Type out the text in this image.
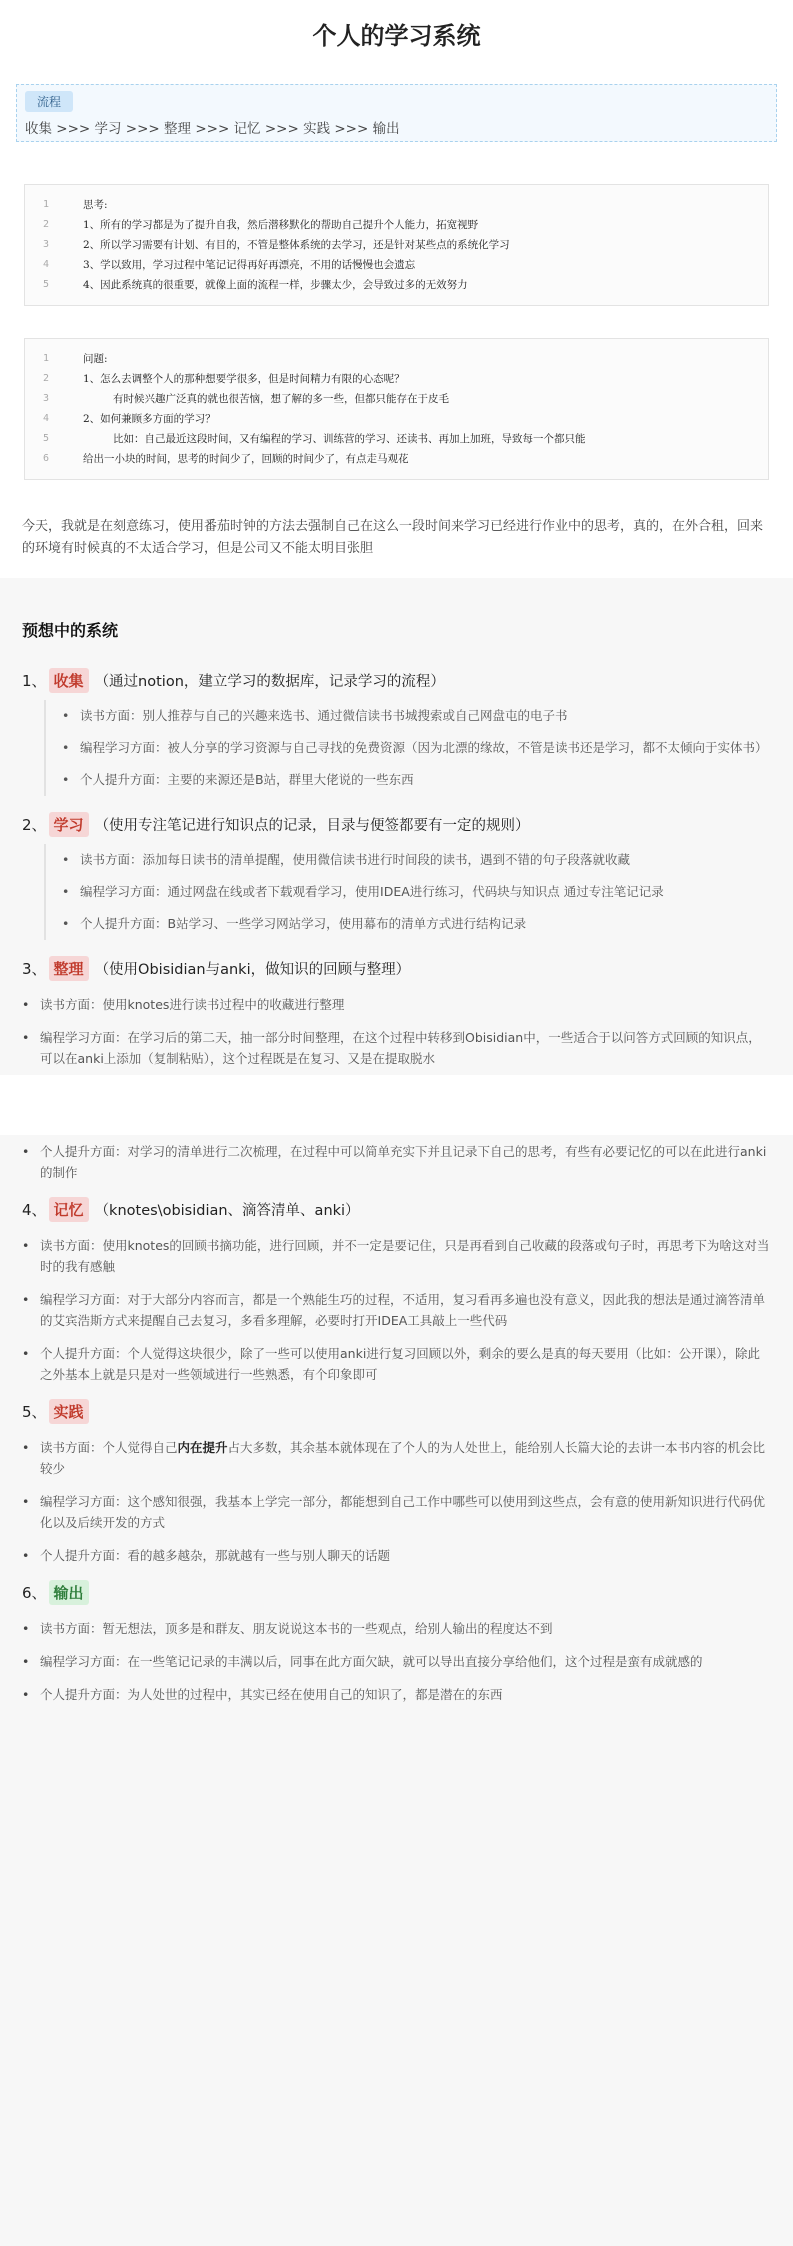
个人的学习系统
流程
收集 >>> 学习 >>> 整理 >>> 记忆 >>> 实践 >>> 输出
1	思考:
2	1、所有的学习都是为了提升自我，然后潜移默化的帮助自己提升个人能力，拓宽视野
3	2、所以学习需要有计划、有目的，不管是整体系统的去学习，还是针对某些点的系统化学习
4	3、学以致用，学习过程中笔记记得再好再漂亮，不用的话慢慢也会遗忘
5	4、因此系统真的很重要，就像上面的流程一样，步骤太少，会导致过多的无效努力
1	问题:
2	1、怎么去调整个人的那种想要学很多，但是时间精力有限的心态呢？
3	有时候兴趣广泛真的就也很苦恼，想了解的多一些，但都只能存在于皮毛
4	2、如何兼顾多方面的学习？
5	比如：自己最近这段时间，又有编程的学习、训练营的学习、还读书、再加上加班，导致每一个都只能
6	给出一小块的时间，思考的时间少了，回顾的时间少了，有点走马观花

今天，我就是在刻意练习，使用番茄时钟的方法去强制自己在这么一段时间来学习已经进行作业中的思考，真的，在外合租，回来的环境有时候真的不太适合学习，但是公司又不能太明目张胆

预想中的系统
1、 收集 （通过notion，建立学习的数据库，记录学习的流程）
• 读书方面：别人推荐与自己的兴趣来选书、通过微信读书书城搜索或自己网盘屯的电子书
• 编程学习方面：被人分享的学习资源与自己寻找的免费资源（因为北漂的缘故，不管是读书还是学习，都不太倾向于实体书）
• 个人提升方面：主要的来源还是B站，群里大佬说的一些东西
2、 学习 （使用专注笔记进行知识点的记录，目录与便签都要有一定的规则）
• 读书方面：添加每日读书的清单提醒，使用微信读书进行时间段的读书，遇到不错的句子段落就收藏
• 编程学习方面：通过网盘在线或者下载观看学习，使用IDEA进行练习，代码块与知识点 通过专注笔记记录
• 个人提升方面：B站学习、一些学习网站学习，使用幕布的清单方式进行结构记录
3、 整理 （使用Obisidian与anki，做知识的回顾与整理）
• 读书方面：使用knotes进行读书过程中的收藏进行整理
• 编程学习方面：在学习后的第二天，抽一部分时间整理，在这个过程中转移到Obisidian中，一些适合于以问答方式回顾的知识点，可以在anki上添加（复制粘贴），这个过程既是在复习、又是在提取脱水
• 个人提升方面：对学习的清单进行二次梳理，在过程中可以简单充实下并且记录下自己的思考，有些有必要记忆的可以在此进行anki的制作
4、 记忆 （knotes\obisidian、滴答清单、anki）
• 读书方面：使用knotes的回顾书摘功能，进行回顾，并不一定是要记住，只是再看到自己收藏的段落或句子时，再思考下为啥这对当时的我有感触
• 编程学习方面：对于大部分内容而言，都是一个熟能生巧的过程，不适用，复习看再多遍也没有意义，因此我的想法是通过滴答清单的艾宾浩斯方式来提醒自己去复习，多看多理解，必要时打开IDEA工具敲上一些代码
• 个人提升方面：个人觉得这块很少，除了一些可以使用anki进行复习回顾以外，剩余的要么是真的每天要用（比如：公开课），除此之外基本上就是只是对一些领域进行一些熟悉，有个印象即可
5、 实践
• 读书方面：个人觉得自己内在提升占大多数，其余基本就体现在了个人的为人处世上，能给别人长篇大论的去讲一本书内容的机会比较少
• 编程学习方面：这个感知很强，我基本上学完一部分，都能想到自己工作中哪些可以使用到这些点，会有意的使用新知识进行代码优化以及后续开发的方式
• 个人提升方面：看的越多越杂，那就越有一些与别人聊天的话题
6、 输出
• 读书方面：暂无想法，顶多是和群友、朋友说说这本书的一些观点，给别人输出的程度达不到
• 编程学习方面：在一些笔记记录的丰满以后，同事在此方面欠缺，就可以导出直接分享给他们，这个过程是蛮有成就感的
• 个人提升方面：为人处世的过程中，其实已经在使用自己的知识了，都是潜在的东西
